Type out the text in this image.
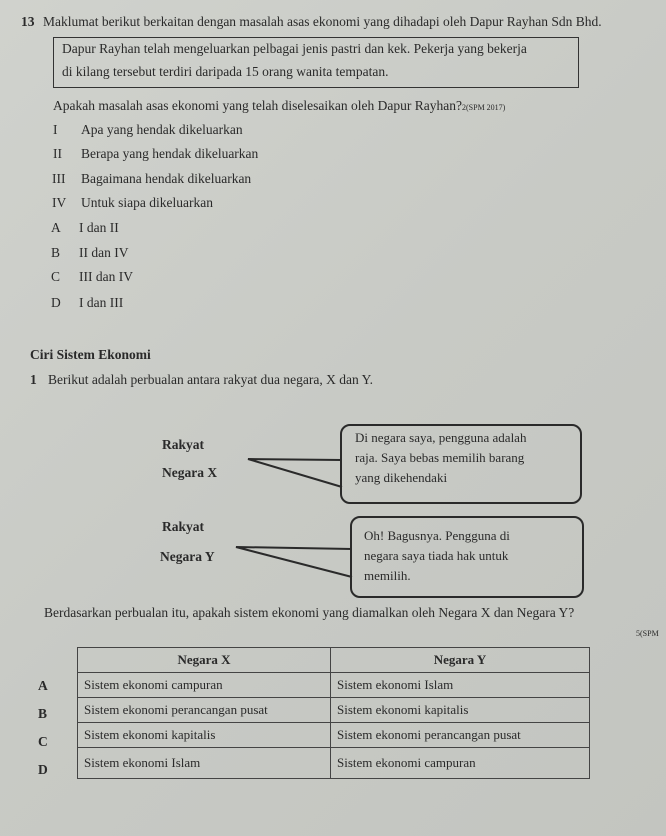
13 Maklumat berikut berkaitan dengan masalah asas ekonomi yang dihadapi oleh Dapur Rayhan Sdn Bhd.
Dapur Rayhan telah mengeluarkan pelbagai jenis pastri dan kek. Pekerja yang bekerja
di kilang tersebut terdiri daripada 15 orang wanita tempatan.
Apakah masalah asas ekonomi yang telah diselesaikan oleh Dapur Rayhan?2(SPM 2017)
I Apa yang hendak dikeluarkan
II Berapa yang hendak dikeluarkan
III Bagaimana hendak dikeluarkan
IV Untuk siapa dikeluarkan
A I dan II
B II dan IV
C III dan IV
D I dan III
Ciri Sistem Ekonomi
1 Berikut adalah perbualan antara rakyat dua negara, X dan Y.
Rakyat
Negara X
Di negara saya, pengguna adalah
raja. Saya bebas memilih barang
yang dikehendaki
Rakyat
Negara Y
Oh! Bagusnya. Pengguna di
negara saya tiada hak untuk
memilih.
Berdasarkan perbualan itu, apakah sistem ekonomi yang diamalkan oleh Negara X dan Negara Y?
5(SPM
A
B
C
D
Negara X	Negara Y
Sistem ekonomi campuran	Sistem ekonomi Islam
Sistem ekonomi perancangan pusat	Sistem ekonomi kapitalis
Sistem ekonomi kapitalis	Sistem ekonomi perancangan pusat
Sistem ekonomi Islam	Sistem ekonomi campuran
